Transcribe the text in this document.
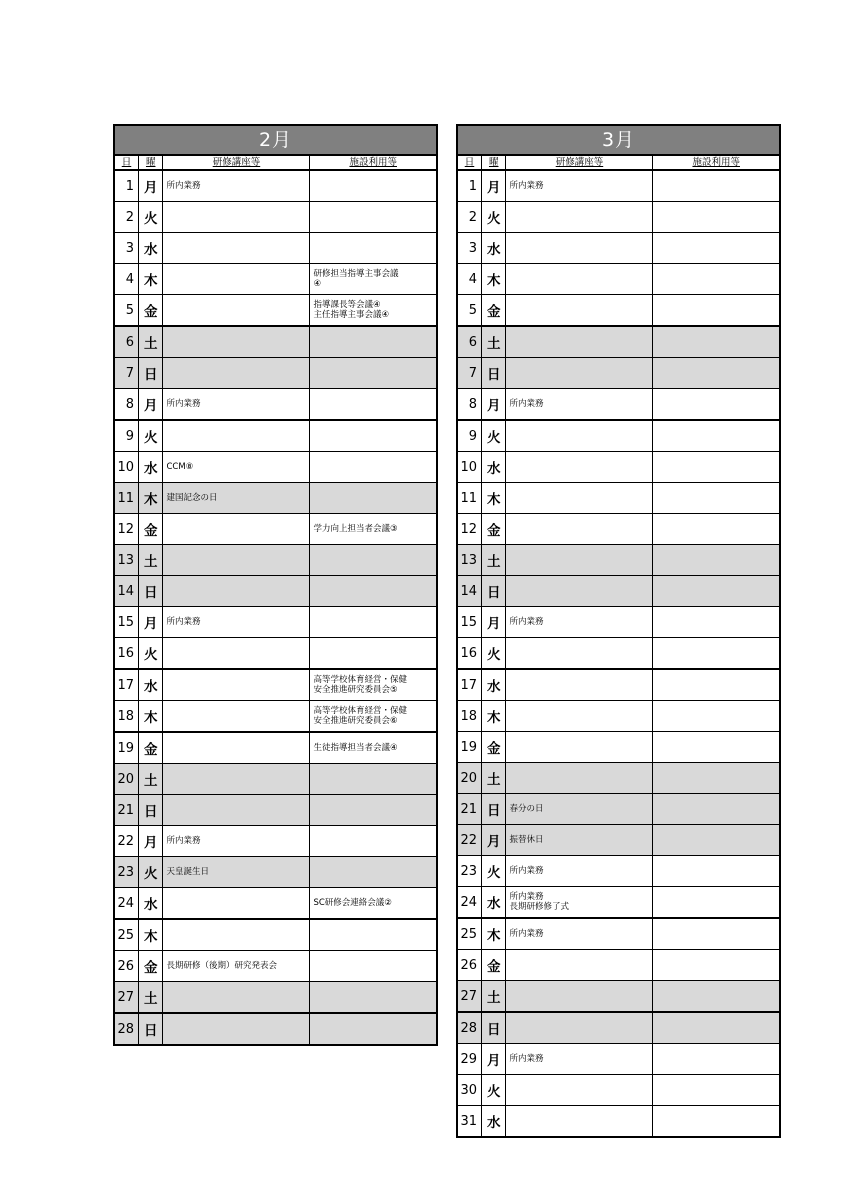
2月			
日	曜	研修講座等	施設利用等
1	月	所内業務	

2	火		
3	水		
4	木		研修担当指導主事会議
④

5	金		指導課長等会議④
主任指導主事会議④

6	土		
7	日		
8	月	所内業務	

9	火		
10	水	CCM⑧	

11	木	建国記念の日	

12	金		学力向上担当者会議③

13	土		
14	日		
15	月	所内業務	

16	火		
17	水		高等学校体育経営・保健
安全推進研究委員会⑤

18	木		高等学校体育経営・保健
安全推進研究委員会⑥

19	金		生徒指導担当者会議④

20	土		
21	日		
22	月	所内業務	

23	火	天皇誕生日	

24	水		SC研修会連絡会議②

25	木		
26	金	長期研修（後期）研究発表会	

27	土		
28	日		
3月			
日	曜	研修講座等	施設利用等
1	月	所内業務	

2	火		
3	水		
4	木		
5	金		
6	土		
7	日		
8	月	所内業務	

9	火		
10	水		
11	木		
12	金		
13	土		
14	日		
15	月	所内業務	

16	火		
17	水		
18	木		
19	金		
20	土		
21	日	春分の日	

22	月	振替休日	

23	火	所内業務	

24	水	所内業務
長期研修修了式	

25	木	所内業務	

26	金		
27	土		
28	日		
29	月	所内業務	

30	火		
31	水		
